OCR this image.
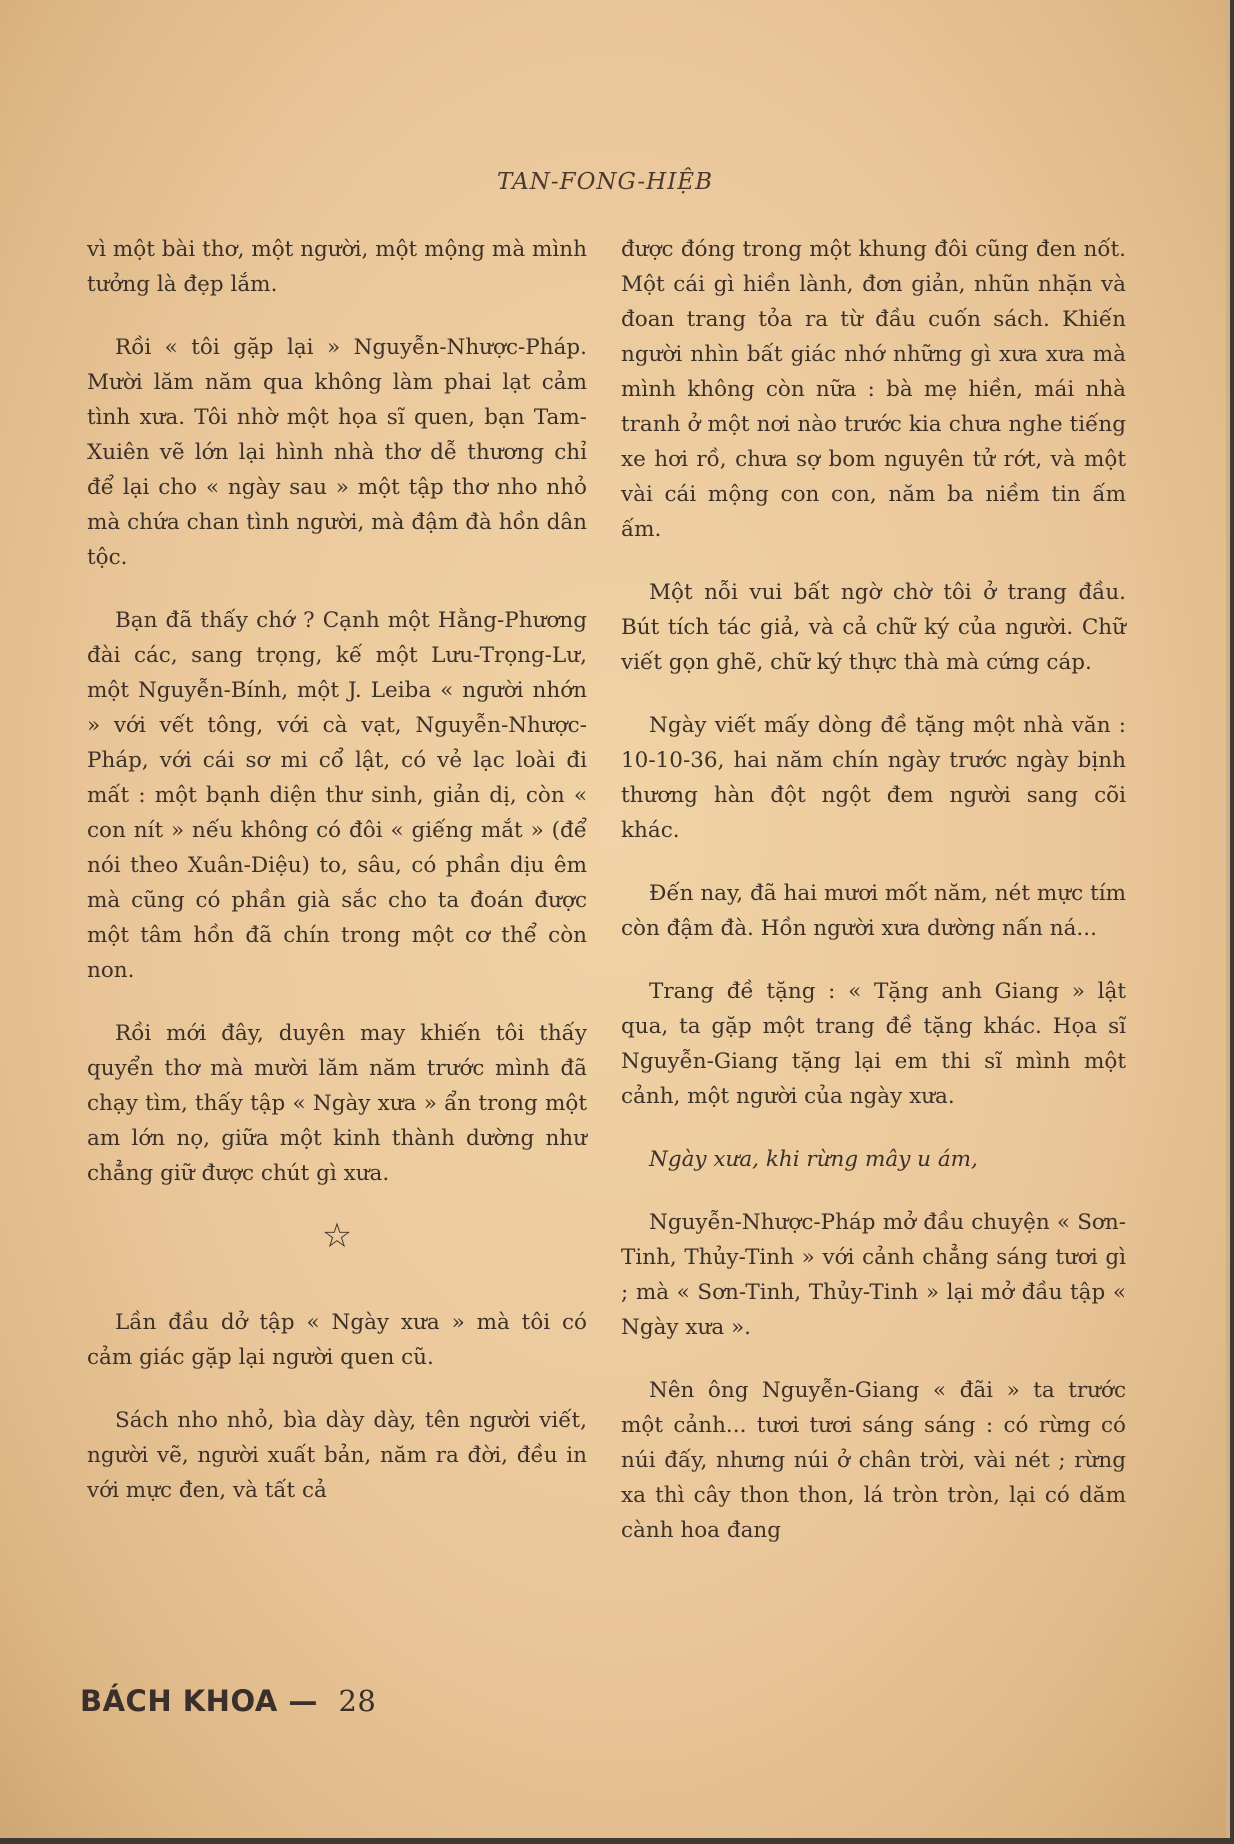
TAN-FONG-HIỆB

vì một bài thơ, một người, một mộng mà mình tưởng là đẹp lắm.

Rồi « tôi gặp lại » Nguyễn-Nhược-Pháp. Mười lăm năm qua không làm phai lạt cảm tình xưa. Tôi nhờ một họa sĩ quen, bạn Tam-Xuiên vẽ lớn lại hình nhà thơ dễ thương chỉ để lại cho « ngày sau » một tập thơ nho nhỏ mà chứa chan tình người, mà đậm đà hồn dân tộc.

Bạn đã thấy chớ ? Cạnh một Hằng-Phương đài các, sang trọng, kế một Lưu-Trọng-Lư, một Nguyễn-Bính, một J. Leiba « người nhớn » với vết tông, với cà vạt, Nguyễn-Nhược-Pháp, với cái sơ mi cổ lật, có vẻ lạc loài đi mất : một bạnh diện thư sinh, giản dị, còn « con nít » nếu không có đôi « giếng mắt » (để nói theo Xuân-Diệu) to, sâu, có phần dịu êm mà cũng có phần già sắc cho ta đoán được một tâm hồn đã chín trong một cơ thể còn non.

Rồi mới đây, duyên may khiến tôi thấy quyển thơ mà mười lăm năm trước mình đã chạy tìm, thấy tập « Ngày xưa » ẩn trong một am lớn nọ, giữa một kinh thành dường như chẳng giữ được chút gì xưa.

☆

Lần đầu dở tập « Ngày xưa » mà tôi có cảm giác gặp lại người quen cũ.

Sách nho nhỏ, bìa dày dày, tên người viết, người vẽ, người xuất bản, năm ra đời, đều in với mực đen, và tất cả

được đóng trong một khung đôi cũng đen nốt. Một cái gì hiền lành, đơn giản, nhũn nhặn và đoan trang tỏa ra từ đầu cuốn sách. Khiến người nhìn bất giác nhớ những gì xưa xưa mà mình không còn nữa : bà mẹ hiền, mái nhà tranh ở một nơi nào trước kia chưa nghe tiếng xe hơi rồ, chưa sợ bom nguyên tử rớt, và một vài cái mộng con con, năm ba niềm tin ấm ấm.

Một nỗi vui bất ngờ chờ tôi ở trang đầu. Bút tích tác giả, và cả chữ ký của người. Chữ viết gọn ghẽ, chữ ký thực thà mà cứng cáp.

Ngày viết mấy dòng đề tặng một nhà văn : 10-10-36, hai năm chín ngày trước ngày bịnh thương hàn đột ngột đem người sang cõi khác.

Đến nay, đã hai mươi mốt năm, nét mực tím còn đậm đà. Hồn người xưa dường nấn ná...

Trang đề tặng : « Tặng anh Giang » lật qua, ta gặp một trang đề tặng khác. Họa sĩ Nguyễn-Giang tặng lại em thi sĩ mình một cảnh, một người của ngày xưa.

Ngày xưa, khi rừng mây u ám,

Nguyễn-Nhược-Pháp mở đầu chuyện « Sơn-Tinh, Thủy-Tinh » với cảnh chẳng sáng tươi gì ; mà « Sơn-Tinh, Thủy-Tinh » lại mở đầu tập « Ngày xưa ».

Nên ông Nguyễn-Giang « đãi » ta trước một cảnh... tươi tươi sáng sáng : có rừng có núi đấy, nhưng núi ở chân trời, vài nét ; rừng xa thì cây thon thon, lá tròn tròn, lại có dăm cành hoa đang

BÁCH KHOA — 28
